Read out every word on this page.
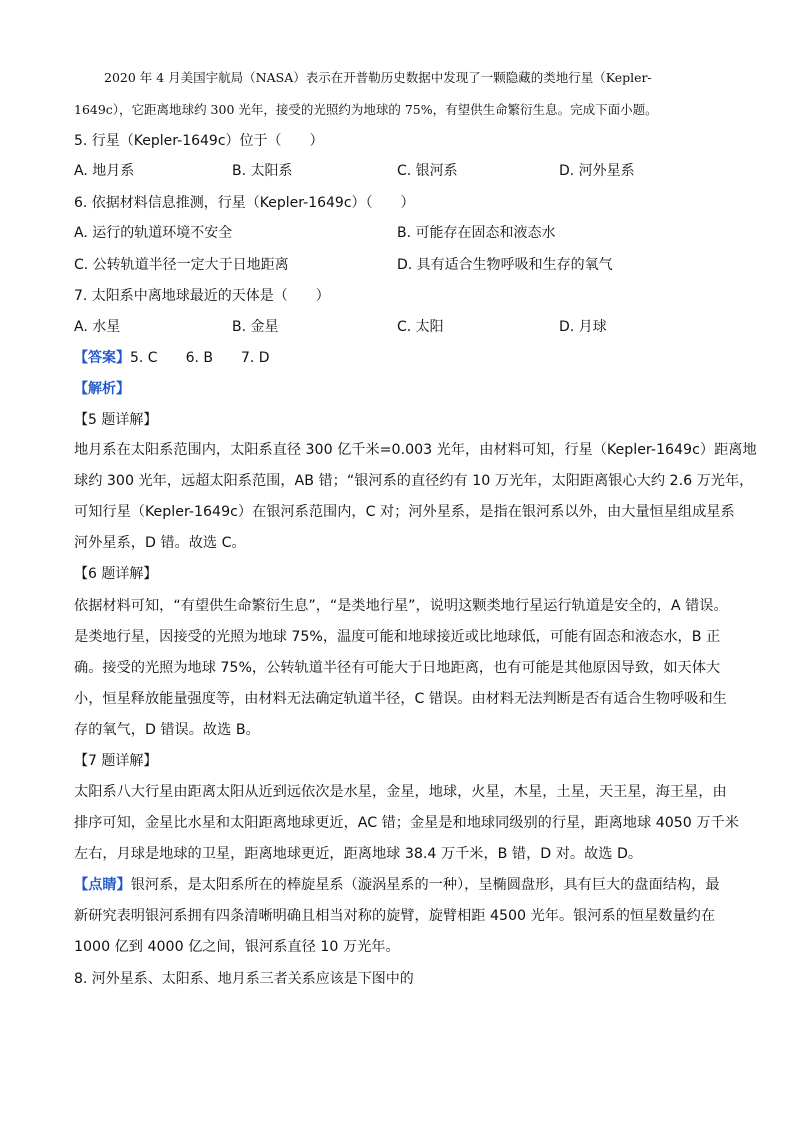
2020 年 4 月美国宇航局（NASA）表示在开普勒历史数据中发现了一颗隐藏的类地行星（Kepler-
1649c），它距离地球约 300 光年，接受的光照约为地球的 75%，有望供生命繁衍生息。完成下面小题。
5. 行星（Kepler-1649c）位于（　　）
A. 地月系	B. 太阳系	C. 银河系	D. 河外星系
6. 依据材料信息推测，行星（Kepler-1649c）（　　）
A. 运行的轨道环境不安全	B. 可能存在固态和液态水
C. 公转轨道半径一定大于日地距离	D. 具有适合生物呼吸和生存的氧气
7. 太阳系中离地球最近的天体是（　　）
A. 水星	B. 金星	C. 太阳	D. 月球
【答案】5. C　　6. B　　7. D
【解析】
【5 题详解】
地月系在太阳系范围内，太阳系直径 300 亿千米=0.003 光年，由材料可知，行星（Kepler-1649c）距离地
球约 300 光年，远超太阳系范围，AB 错；“银河系的直径约有 10 万光年，太阳距离银心大约 2.6 万光年，
可知行星（Kepler-1649c）在银河系范围内，C 对；河外星系，是指在银河系以外，由大量恒星组成星系
河外星系，D 错。故选 C。
【6 题详解】
依据材料可知，“有望供生命繁衍生息”，“是类地行星”，说明这颗类地行星运行轨道是安全的，A 错误。
是类地行星，因接受的光照为地球 75%，温度可能和地球接近或比地球低，可能有固态和液态水，B 正
确。接受的光照为地球 75%，公转轨道半径有可能大于日地距离，也有可能是其他原因导致，如天体大
小，恒星释放能量强度等，由材料无法确定轨道半径，C 错误。由材料无法判断是否有适合生物呼吸和生
存的氧气，D 错误。故选 B。
【7 题详解】
太阳系八大行星由距离太阳从近到远依次是水星，金星，地球，火星，木星，土星，天王星，海王星，由
排序可知，金星比水星和太阳距离地球更近，AC 错；金星是和地球同级别的行星，距离地球 4050 万千米
左右，月球是地球的卫星，距离地球更近，距离地球 38.4 万千米，B 错，D 对。故选 D。
【点睛】银河系，是太阳系所在的棒旋星系（漩涡星系的一种），呈椭圆盘形，具有巨大的盘面结构，最
新研究表明银河系拥有四条清晰明确且相当对称的旋臂，旋臂相距 4500 光年。银河系的恒星数量约在
1000 亿到 4000 亿之间，银河系直径 10 万光年。
8. 河外星系、太阳系、地月系三者关系应该是下图中的
